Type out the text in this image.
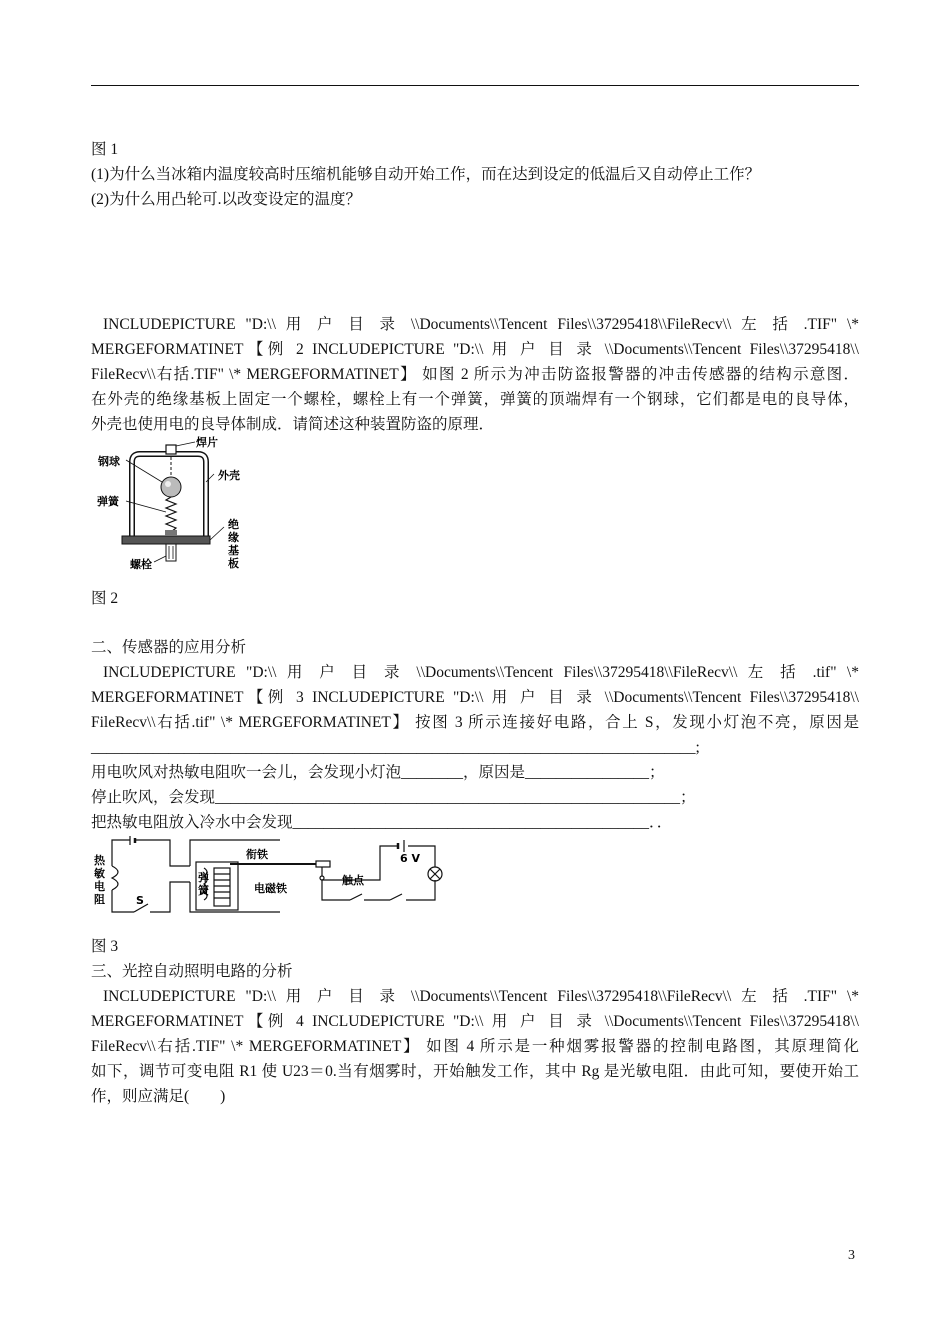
图 1
(1)为什么当冰箱内温度较高时压缩机能够自动开始工作，而在达到设定的低温后又自动停止工作？
(2)为什么用凸轮可.以改变设定的温度？
INCLUDEPICTURE "D:\\ 用 户 目 录 \\Documents\\Tencent Files\\37295418\\FileRecv\\ 左 括 .TIF" \*
MERGEFORMATINET【例 2 INCLUDEPICTURE "D:\\ 用 户 目 录 \\Documents\\Tencent Files\\37295418\\
FileRecv\\右括.TIF" \* MERGEFORMATINET】 如图 2 所示为冲击防盗报警器的冲击传感器的结构示意图．
在外壳的绝缘基板上固定一个螺栓，螺栓上有一个弹簧，弹簧的顶端焊有一个钢球，它们都是电的良导体，
外壳也使用电的良导体制成．请简述这种装置防盗的原理．
焊片
钢球
外壳
弹簧
绝
缘
基
板
螺栓
图 2
二、传感器的应用分析
INCLUDEPICTURE "D:\\ 用 户 目 录 \\Documents\\Tencent Files\\37295418\\FileRecv\\ 左 括 .tif" \*
MERGEFORMATINET【例 3 INCLUDEPICTURE "D:\\ 用 户 目 录 \\Documents\\Tencent Files\\37295418\\
FileRecv\\右括.tif" \* MERGEFORMATINET】 按图 3 所示连接好电路，合上 S，发现小灯泡不亮，原因是
______________________________________________________________________________;
用电吹风对热敏电阻吹一会儿，会发现小灯泡________，原因是________________；
停止吹风，会发现____________________________________________________________；
把热敏电阻放入冷水中会发现______________________________________________．．
热
敏
电
阻	S
衔铁
弹
簧	电磁铁
触点
6 V
图 3
三、光控自动照明电路的分析
INCLUDEPICTURE "D:\\ 用 户 目 录 \\Documents\\Tencent Files\\37295418\\FileRecv\\ 左 括 .TIF" \*
MERGEFORMATINET【例 4 INCLUDEPICTURE "D:\\ 用 户 目 录 \\Documents\\Tencent Files\\37295418\\
FileRecv\\右括.TIF" \* MERGEFORMATINET】 如图 4 所示是一种烟雾报警器的控制电路图，其原理简化
如下，调节可变电阻 R1 使 U23＝0.当有烟雾时，开始触发工作，其中 Rg 是光敏电阻．由此可知，要使开始工
作，则应满足(　　)
3
